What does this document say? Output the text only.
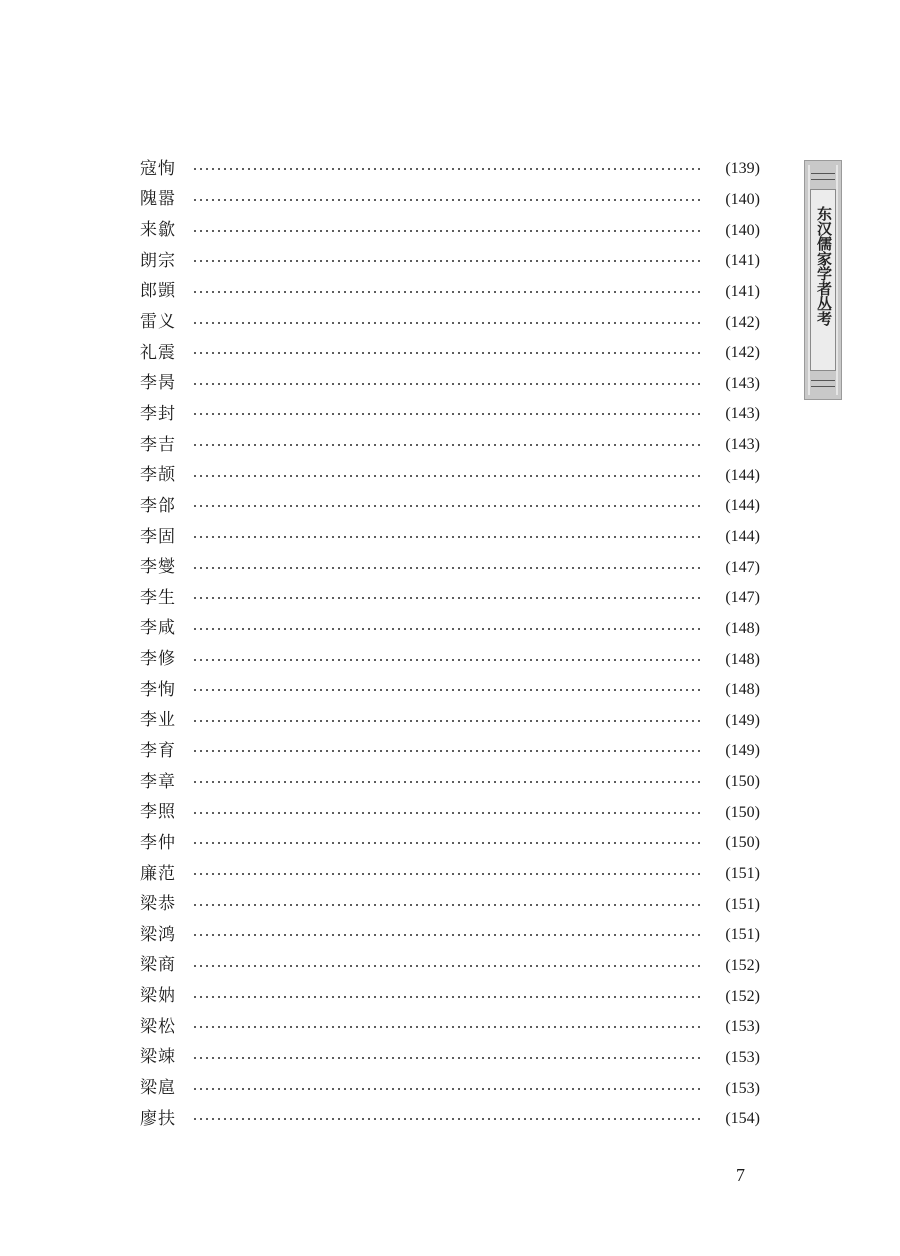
东汉儒家学者丛考
寇恂	(139)
隗嚣	(140)
来歙	(140)
朗宗	(141)
郎顗	(141)
雷义	(142)
礼震	(142)
李昺	(143)
李封	(143)
李吉	(143)
李颉	(144)
李郃	(144)
李固	(144)
李燮	(147)
李生	(147)
李咸	(148)
李修	(148)
李恂	(148)
李业	(149)
李育	(149)
李章	(150)
李照	(150)
李仲	(150)
廉范	(151)
梁恭	(151)
梁鸿	(151)
梁商	(152)
梁妠	(152)
梁松	(153)
梁竦	(153)
梁扈	(153)
廖扶	(154)
7
